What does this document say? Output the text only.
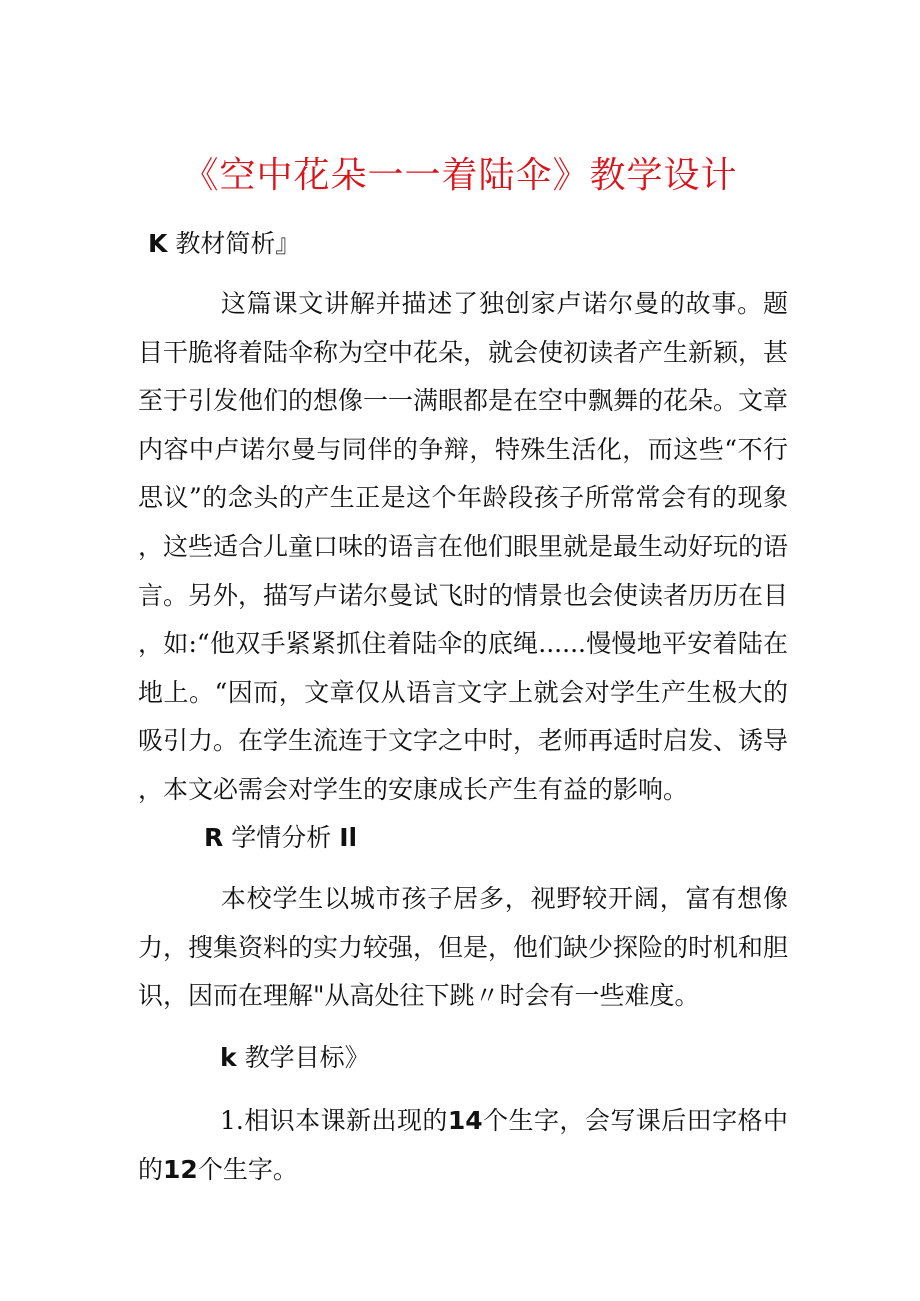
《空中花朵一一着陆伞》教学设计
K 教材简析』
这篇课文讲解并描述了独创家卢诺尔曼的故事。题目干脆将着陆伞称为空中花朵，就会使初读者产生新颖，甚至于引发他们的想像一一满眼都是在空中飘舞的花朵。文章内容中卢诺尔曼与同伴的争辩，特殊生活化，而这些“不行思议”的念头的产生正是这个年龄段孩子所常常会有的现象，这些适合儿童口味的语言在他们眼里就是最生动好玩的语言。另外，描写卢诺尔曼试飞时的情景也会使读者历历在目，如:“他双手紧紧抓住着陆伞的底绳......慢慢地平安着陆在地上。“因而，文章仅从语言文字上就会对学生产生极大的吸引力。在学生流连于文字之中时，老师再适时启发、诱导，本文必需会对学生的安康成长产生有益的影响。
R 学情分析 Il
本校学生以城市孩子居多，视野较开阔，富有想像力，搜集资料的实力较强，但是，他们缺少探险的时机和胆识，因而在理解"从高处往下跳〃时会有一些难度。
k 教学目标》
1.相识本课新出现的14个生字，会写课后田字格中的12个生字。
